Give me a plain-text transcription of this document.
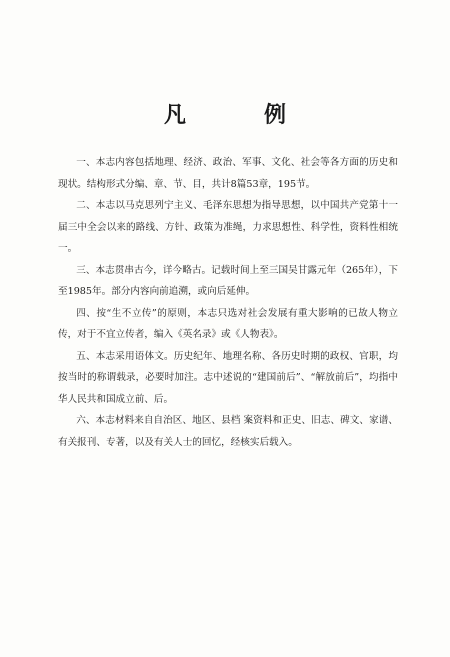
凡　例

一、本志内容包括地理、经济、政治、军事、文化、社会等各方面的历史和现状。结构形式分编、章、节、目，共计8篇53章，195节。

二、本志以马克思列宁主义、毛泽东思想为指导思想，以中国共产党第十一届三中全会以来的路线、方针、政策为准绳，力求思想性、科学性，资料性相统一。

三、本志贯串古今，详今略古。记载时间上至三国吴甘露元年（265年），下至1985年。部分内容向前追溯，或向后延伸。

四、按“生不立传”的原则，本志只选对社会发展有重大影响的已故人物立传，对于不宜立传者，编入《英名录》或《人物表》。

五、本志采用语体文。历史纪年、地理名称、各历史时期的政权、官职，均按当时的称谓载录，必要时加注。志中述说的“建国前后”、“解放前后”，均指中华人民共和国成立前、后。

六、本志材料来自自治区、地区、县档 案资料和正史、旧志、碑文、家谱、有关报刊、专著，以及有关人士的回忆，经核实后载入。
